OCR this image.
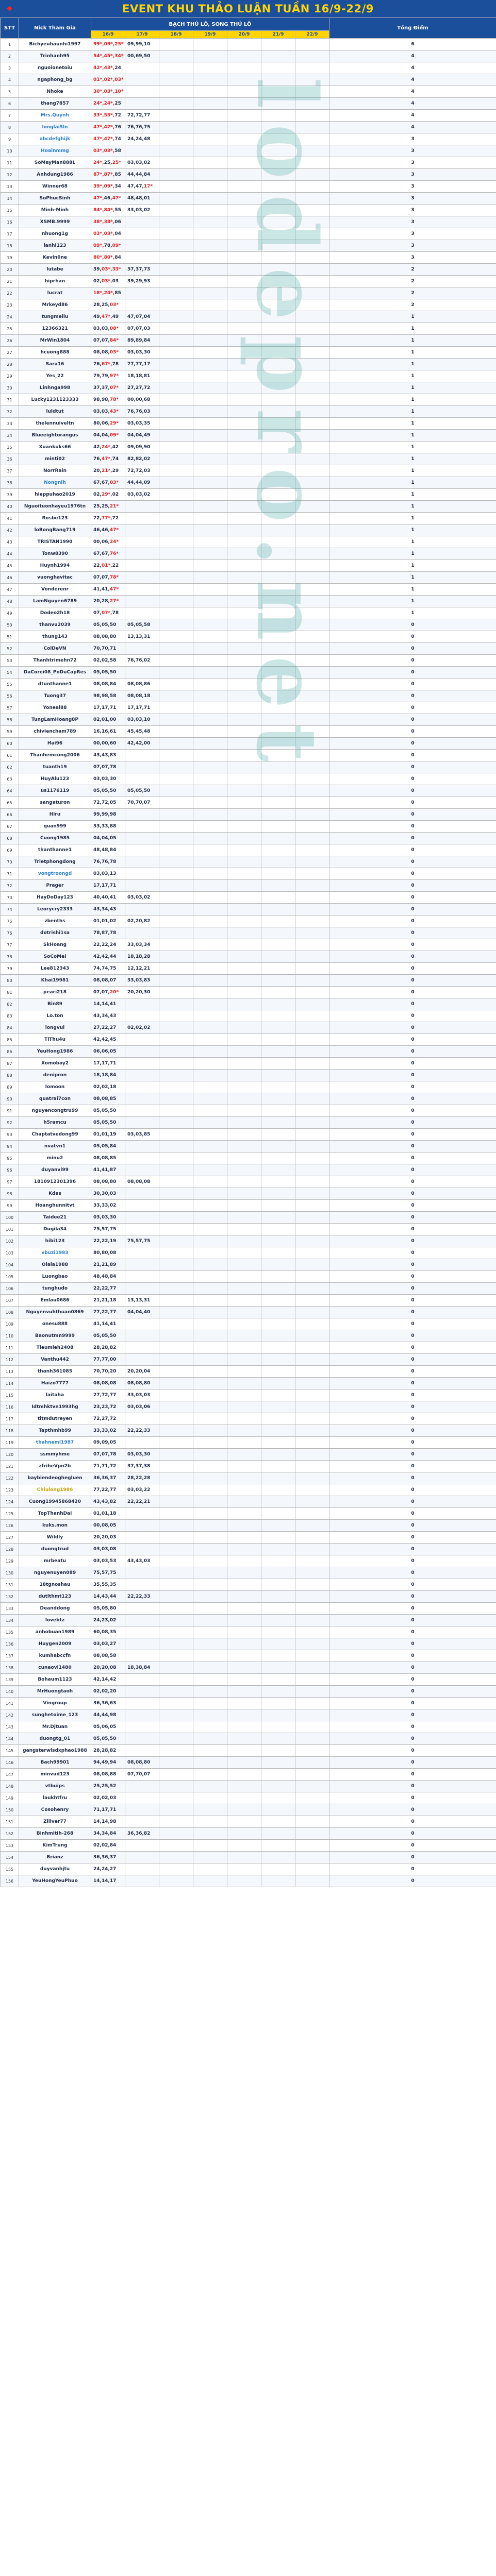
◆	EVENT KHU THẢO LUẬN TUẦN 16/9-22/9
STT	Nick Tham Gia	BẠCH THỦ LÔ, SONG THỦ LÔ							Tổng Điểm
		16/9	17/9	18/9	19/9	20/9	21/9	22/9	
1	Bichyeuhaunhi1997	99*,09*,25*	09,99,10						6
2	Trinhanh95	54*,45*,34*	00,69,50						4
3	nguoionetoiu	42*,43*,24							4
4	ngaphong_bg	01*,02*,03*							4
5	Nhoke	30*,03*,10*							4
6	thang7857	24*,24*,25							4
7	Mrs.Quynh	33*,55*,72	72,72,77						4
8	longlai5ln	47*,47*,76	76,76,75						4
9	abcdefghijk	47*,47*,74	24,24,48						3
10	Hoainmmg	03*,03*,58							3
11	SoMayMan888L	24*,25,25*	03,03,02						3
12	Anhdung1986	87*,87*,85	44,44,84						3
13	Winner68	39*,09*,34	47,47,17*						3
14	SoPhucSinh	47*,46,47*	48,48,01						3
15	Minh-Minh	84*,84*,55	33,03,02						3
16	XSMB.9999	38*,38*,06							3
17	nhuong1g	03*,03*,04							3
18	lanhi123	09*,78,09*							3
19	Kevin0ne	80*,80*,84							3
20	lutabe	39,03*,33*	37,37,73						2
21	hiprhan	02,03*,03	39,29,93						2
22	lucrat	18*,24*,85							2
23	Mrkeyd86	28,25,03*							2
24	tungmeilu	49,47*,49	47,07,04						1
25	12366321	03,03,08*	07,07,03						1
26	MrWin1804	07,07,84*	89,89,84						1
27	hcuong888	08,08,03*	03,03,30						1
28	Sara16	76,67*,78	77,77,17						1
29	Yes_22	79,79,97*	18,18,81						1
30	Linhnga998	37,37,07*	27,27,72						1
31	Lucky1231123333	98,98,78*	00,00,68						1
32	luldtut	03,03,43*	76,76,03						1
33	thelennuiveltn	80,06,29*	03,03,35						1
34	Blueeightorangus	04,04,09*	04,04,49						1
35	Xuankuks66	42,24*,42	09,09,90						1
36	minti02	76,47*,74	82,82,02						1
37	NorrRain	20,21*,29	72,72,03						1
38	Nongnih	67,67,03*	44,44,09						1
39	hieppuhao2019	02,29*,02	03,03,02						1
40	Nguoituonhayeu1976tn	25,25,21*							1
41	Rosbe123	72,77*,72							1
42	loBongBang719	46,46,47*							1
43	TRISTAN1990	00,06,24*							1
44	Tonw8390	67,67,76*							1
45	Huynh1994	22,01*,22							1
46	vuonghavitac	07,07,78*							1
47	Vonderenr	41,41,47*							1
48	LamNguyen6789	20,28,27*							1
49	Dodeo2h18	07,07*,78							1
50	thanvu2039	05,05,50	05,05,58						0
51	thung143	08,08,80	13,13,31						0
52	ColDeVN	70,70,71							0
53	Thanhtrimehn72	02,02,58	76,76,02						0
54	DaCorei08_PoDuCapRes	05,05,50							0
55	dtunthanne1	08,08,84	08,08,86						0
56	Tuong37	98,98,58	08,08,18						0
57	Yoneal88	17,17,71	17,17,71						0
58	TungLamHoang8P	02,01,00	03,03,10						0
59	chiviencham789	16,16,61	45,45,48						0
60	Hai96	00,00,60	42,42,00						0
61	Thanhemcung2006	43,43,83							0
62	tuanth19	07,07,78							0
63	HuyAlu123	03,03,30							0
64	us1176119	05,05,50	05,05,50						0
65	sangaturon	72,72,05	70,70,07						0
66	Hiru	99,99,98							0
67	quan999	33,33,88							0
68	Cuong1985	04,04,05							0
69	thanthanne1	48,48,84							0
70	Trietphongdong	76,76,78							0
71	vongtroongd	03,03,13							0
72	Prager	17,17,71							0
73	HayDoDay123	40,40,41	03,03,02						0
74	Leorycry2333	43,34,43							0
75	zbenths	01,01,02	02,20,82						0
76	dotrishi1sa	78,87,78							0
77	SkHoang	22,22,24	33,03,34						0
78	SoCoMei	42,42,44	18,18,28						0
79	Lee812343	74,74,75	12,12,21						0
80	Khai19981	08,08,07	33,03,83						0
81	peari218	07,07,20*	20,20,30						0
82	Bin89	14,14,41							0
83	Lo.ton	43,34,43							0
84	longvui	27,22,27	02,02,02						0
85	TiThu4u	42,42,45							0
86	YeuHong1986	06,06,05							0
87	Xomobay2	17,17,71							0
88	denipron	18,18,84							0
89	Iomoon	02,02,18							0
90	quatrai7con	08,08,85							0
91	nguyencongtru99	05,05,50							0
92	h5ramcu	05,05,50							0
93	Chaptatvedong99	01,01,19	03,03,85						0
94	nvatvn1	05,05,84							0
95	minu2	08,08,85							0
96	duyanvi99	41,41,87							0
97	1810912301396	08,08,80	08,08,08						0
98	Kdas	30,30,03							0
99	Hoanghunnitvt	33,33,02							0
100	Taidee21	03,03,30							0
101	Dugila34	75,57,75							0
102	hibi123	22,22,19	75,57,75						0
103	vbuzi1983	80,80,08							0
104	Oiala1988	21,21,89							0
105	Luongbao	48,48,84							0
106	tunghudo	22,22,77							0
107	Emlau0686	21,21,18	13,13,31						0
108	Nguyenvuhthuan0869	77,22,77	04,04,40						0
109	onesu888	41,14,41							0
110	Baonutmn9999	05,05,50							0
111	Tieumieh2408	28,28,82							0
112	Vanthu442	77,77,00							0
113	thanh361085	70,70,20	20,20,04						0
114	Haizo7777	08,08,08	08,08,80						0
115	laitaha	27,72,77	33,03,03						0
116	Idtmhktvn1993hg	23,23,72	03,03,06						0
117	titmdutreyen	72,27,72							0
118	Tapthmhb99	33,33,02	22,22,33						0
119	thahnemi1987	09,09,05							0
120	ssmmyhme	07,07,78	03,03,30						0
121	zfriheVpn2b	71,71,72	37,37,38						0
122	baybiendeoghegluen	36,36,37	28,22,28						0
123	Chiulong1986	77,22,77	03,03,22						0
124	Cuong19945868420	43,43,82	22,22,21						0
125	TopThanhDai	01,01,18							0
126	kuks.mon	00,08,05							0
127	Wildly	20,20,03							0
128	duongtrud	03,03,08							0
129	mrbeatu	03,03,53	43,43,03						0
130	nguyenuyen089	75,57,75							0
131	18tgnoshau	35,55,35							0
132	dutlthmt123	14,43,44	22,22,33						0
133	Deanddong	05,05,80							0
134	lovebtz	24,23,02							0
135	anhobuan1989	60,08,35							0
136	Huygen2009	03,03,27							0
137	kumhabccfn	08,08,58							0
138	cunaovi1480	20,20,08	18,38,84						0
139	Bohaum1123	42,14,42							0
140	MrHuongtaoh	02,02,20							0
141	Vingroup	36,36,63							0
142	sunghetoime_123	44,44,98							0
143	Mr.Djtuan	05,06,05							0
144	duongtg_01	05,05,50							0
145	gangsterwlsdxphao1988	28,28,82							0
146	Bach99901	94,49,94	08,08,80						0
147	minvud123	08,08,88	07,70,07						0
148	vtbuips	25,25,52							0
149	laukhtfru	02,02,03							0
150	Cosohenry	71,17,71							0
151	Ziliver77	14,14,98							0
152	Binhmitih-268	34,34,84	36,36,82						0
153	KimTrung	02,02,84							0
154	Brianz	36,36,37							0
155	duyvanhjtu	24,24,27							0
156	YeuHongYeuPhuo	14,14,17							0
lodepro.net
